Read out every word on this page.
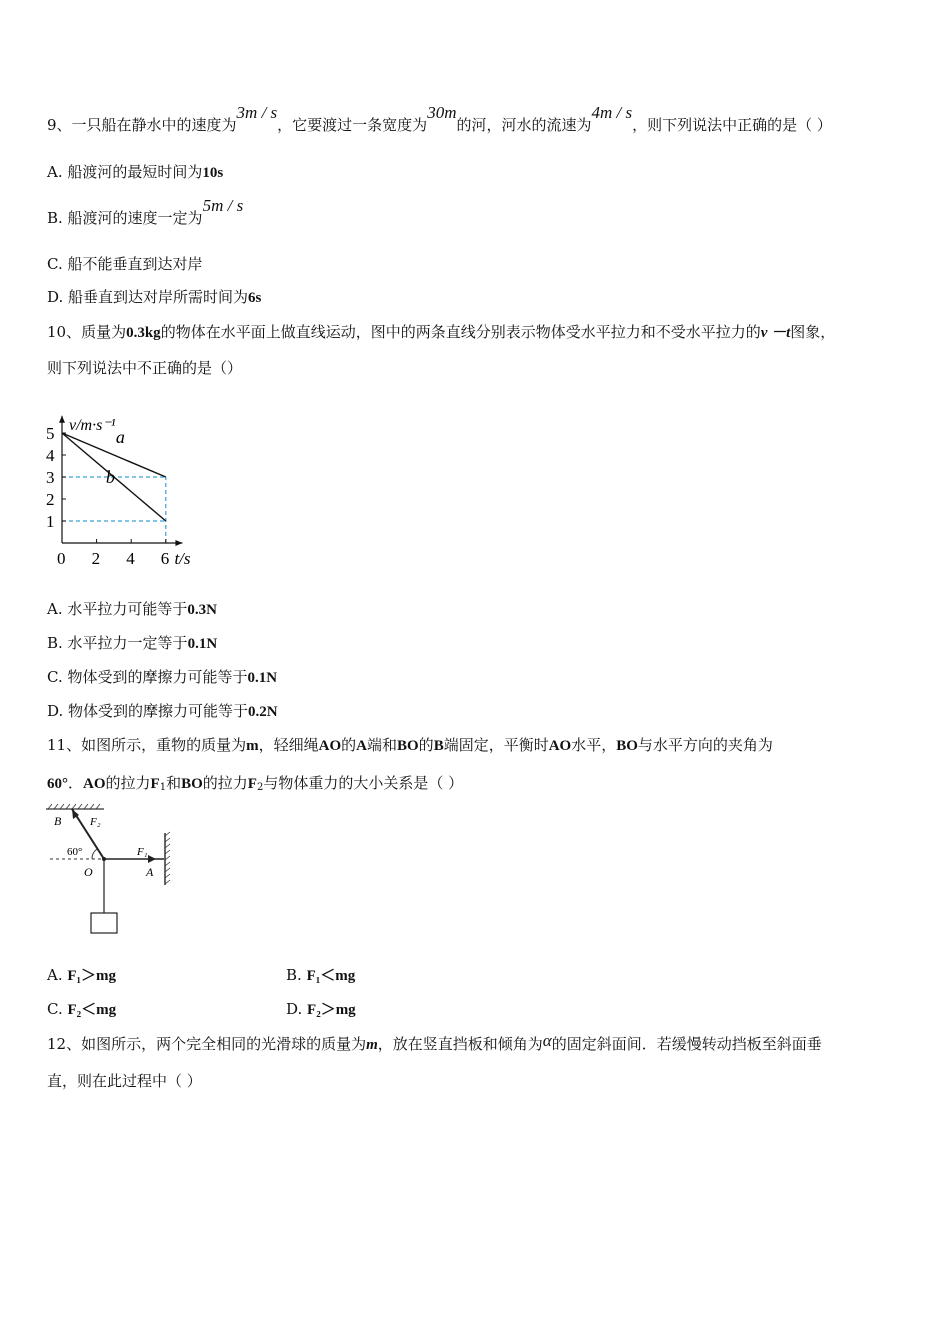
9、一只船在静水中的速度为3m / s，它要渡过一条宽度为30m的河，河水的流速为4m / s，则下列说法中正确的是（ ）
A. 船渡河的最短时间为10s
B. 船渡河的速度一定为5m / s
C. 船不能垂直到达对岸
D. 船垂直到达对岸所需时间为6s
10、质量为0.3kg的物体在水平面上做直线运动，图中的两条直线分别表示物体受水平拉力和不受水平拉力的v －t图象，
则下列说法中不正确的是（）
a
b
t/s
v/m·s⁻¹
0 2 4 6
1
2
3
4
5
A. 水平拉力可能等于0.3N
B. 水平拉力一定等于0.1N
C. 物体受到的摩擦力可能等于0.1N
D. 物体受到的摩擦力可能等于0.2N
11、如图所示，重物的质量为m，轻细绳AO的A端和BO的B端固定，平衡时AO水平，BO与水平方向的夹角为
60°．AO的拉力$F_1$和BO的拉力$F_2$与物体重力的大小关系是（ ）
B	F₂
60°	F₁
O	A
A. F₁＞mg	B. F₁＜mg
C. F₂＜mg	D. F₂＞mg
12、如图所示，两个完全相同的光滑球的质量为m，放在竖直挡板和倾角为α的固定斜面间．若缓慢转动挡板至斜面垂
直，则在此过程中（ ）
